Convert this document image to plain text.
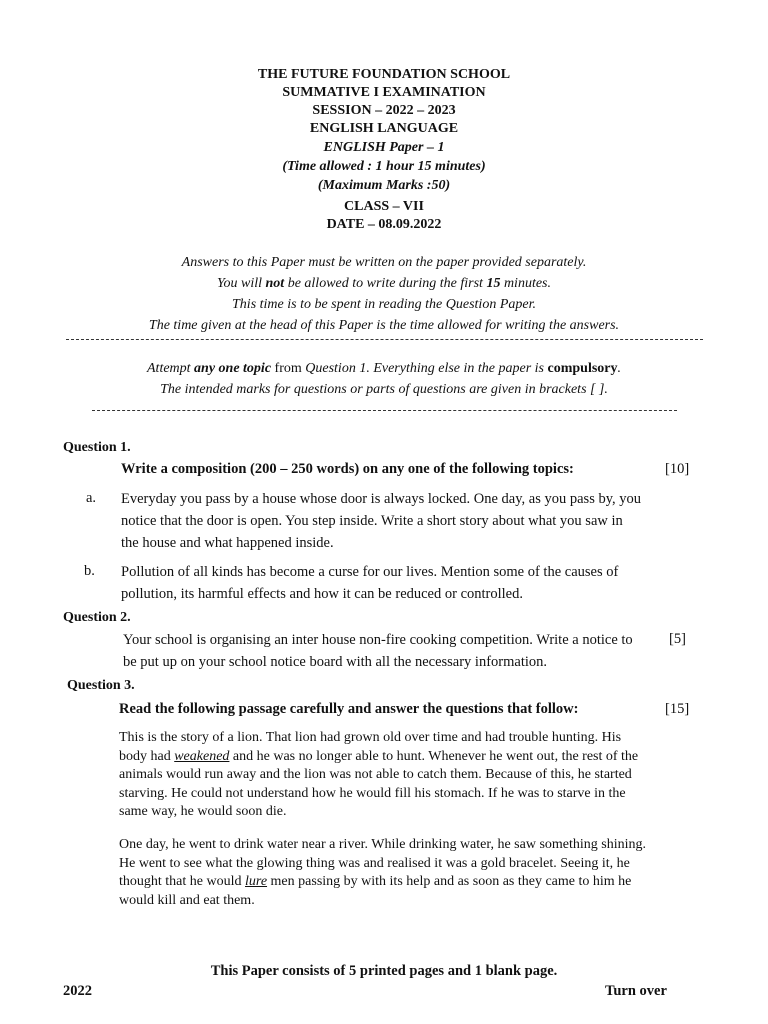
THE FUTURE FOUNDATION SCHOOL
SUMMATIVE I EXAMINATION
SESSION – 2022 – 2023
ENGLISH LANGUAGE
ENGLISH Paper – 1
(Time allowed : 1 hour 15 minutes)
(Maximum Marks :50)
CLASS – VII
DATE – 08.09.2022
Answers to this Paper must be written on the paper provided separately.
You will not be allowed to write during the first 15 minutes.
This time is to be spent in reading the Question Paper.
The time given at the head of this Paper is the time allowed for writing the answers.
Attempt any one topic from Question 1. Everything else in the paper is compulsory.
The intended marks for questions or parts of questions are given in brackets [ ].
Question 1.
Write a composition (200 – 250 words) on any one of the following topics:	[10]
a. Everyday you pass by a house whose door is always locked. One day, as you pass by, you notice that the door is open. You step inside. Write a short story about what you saw in the house and what happened inside.
b. Pollution of all kinds has become a curse for our lives. Mention some of the causes of pollution, its harmful effects and how it can be reduced or controlled.
Question 2.
Your school is organising an inter house non-fire cooking competition. Write a notice to be put up on your school notice board with all the necessary information.
[5]
Question 3.
Read the following passage carefully and answer the questions that follow:	[15]
This is the story of a lion. That lion had grown old over time and had trouble hunting. His body had weakened and he was no longer able to hunt. Whenever he went out, the rest of the animals would run away and the lion was not able to catch them. Because of this, he started starving. He could not understand how he would fill his stomach. If he was to starve in the same way, he would soon die.
One day, he went to drink water near a river. While drinking water, he saw something shining. He went to see what the glowing thing was and realised it was a gold bracelet. Seeing it, he thought that he would lure men passing by with its help and as soon as they came to him he would kill and eat them.
This Paper consists of 5 printed pages and 1 blank page.
2022	Turn over
